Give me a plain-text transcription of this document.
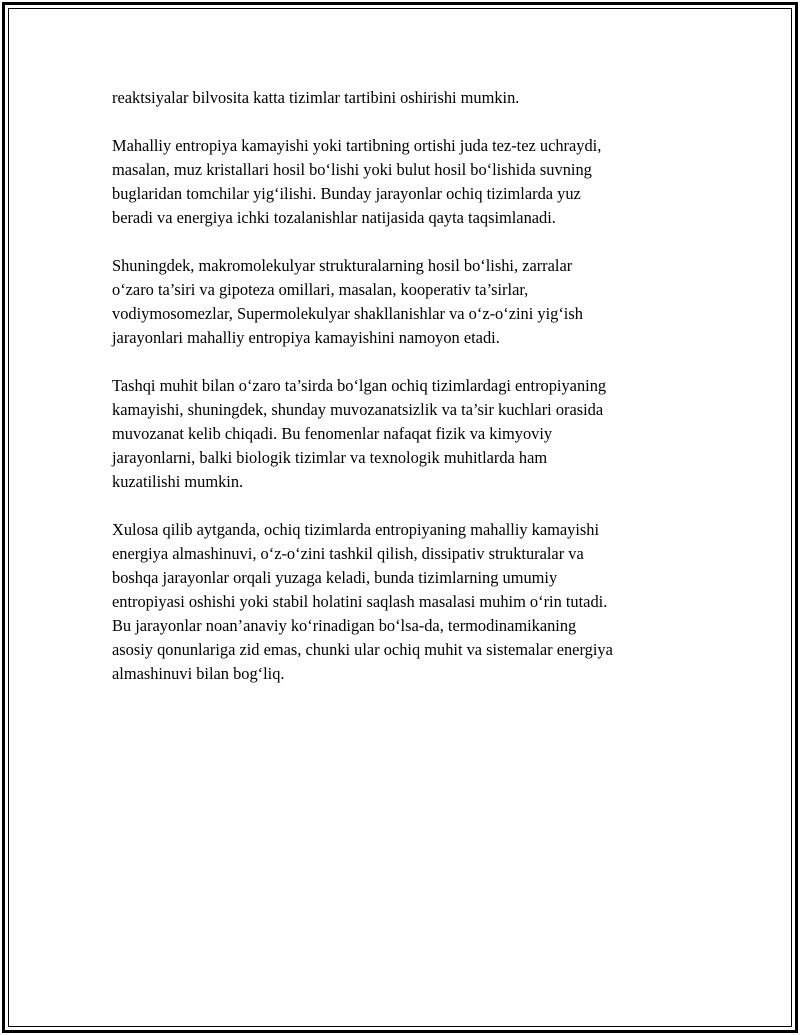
reaktsiyalar bilvosita katta tizimlar tartibini oshirishi mumkin.

Mahalliy entropiya kamayishi yoki tartibning ortishi juda tez-tez uchraydi,
masalan, muz kristallari hosil bo‘lishi yoki bulut hosil bo‘lishida suvning
buglaridan tomchilar yig‘ilishi. Bunday jarayonlar ochiq tizimlarda yuz
beradi va energiya ichki tozalanishlar natijasida qayta taqsimlanadi.

Shuningdek, makromolekulyar strukturalarning hosil bo‘lishi, zarralar
o‘zaro ta’siri va gipoteza omillari, masalan, kooperativ ta’sirlar,
vodiymosomezlar, Supermolekulyar shakllanishlar va o‘z-o‘zini yig‘ish
jarayonlari mahalliy entropiya kamayishini namoyon etadi.

Tashqi muhit bilan o‘zaro ta’sirda bo‘lgan ochiq tizimlardagi entropiyaning
kamayishi, shuningdek, shunday muvozanatsizlik va ta’sir kuchlari orasida
muvozanat kelib chiqadi. Bu fenomenlar nafaqat fizik va kimyoviy
jarayonlarni, balki biologik tizimlar va texnologik muhitlarda ham
kuzatilishi mumkin.

Xulosa qilib aytganda, ochiq tizimlarda entropiyaning mahalliy kamayishi
energiya almashinuvi, o‘z-o‘zini tashkil qilish, dissipativ strukturalar va
boshqa jarayonlar orqali yuzaga keladi, bunda tizimlarning umumiy
entropiyasi oshishi yoki stabil holatini saqlash masalasi muhim o‘rin tutadi.
Bu jarayonlar noan’anaviy ko‘rinadigan bo‘lsa-da, termodinamikaning
asosiy qonunlariga zid emas, chunki ular ochiq muhit va sistemalar energiya
almashinuvi bilan bog‘liq.
